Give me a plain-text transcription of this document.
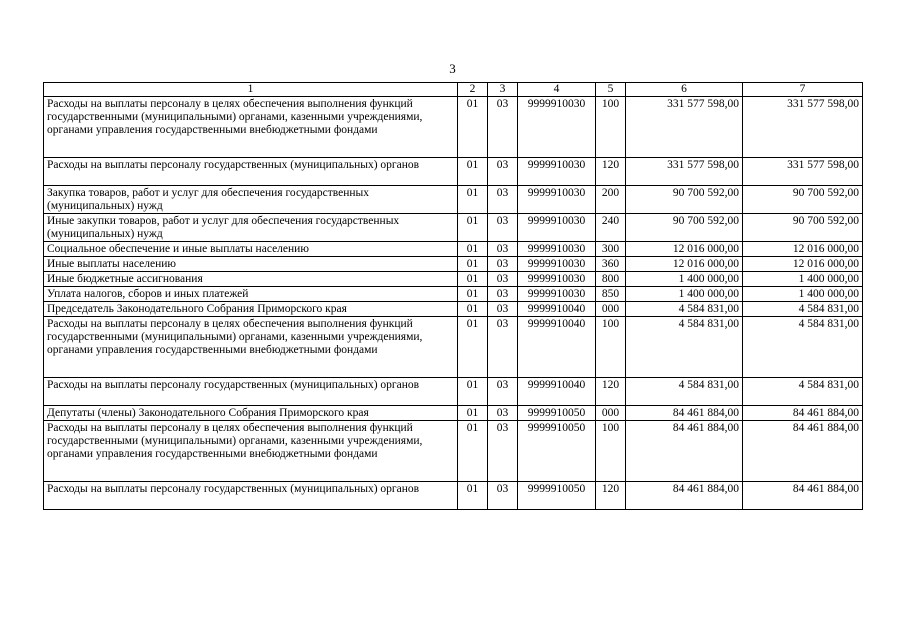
3
1	2	3	4	5	6	7
Расходы на выплаты персоналу в целях обеспечения выполнения функций государственными (муниципальными) органами, казенными учреждениями, органами управления государственными внебюджетными фондами	01	03	9999910030	100	331 577 598,00	331 577 598,00
Расходы на выплаты персоналу государственных (муниципальных) органов	01	03	9999910030	120	331 577 598,00	331 577 598,00
Закупка товаров, работ и услуг для обеспечения государственных (муниципальных) нужд	01	03	9999910030	200	90 700 592,00	90 700 592,00
Иные закупки товаров, работ и услуг для обеспечения государственных (муниципальных) нужд	01	03	9999910030	240	90 700 592,00	90 700 592,00
Социальное обеспечение и иные выплаты населению	01	03	9999910030	300	12 016 000,00	12 016 000,00
Иные выплаты населению	01	03	9999910030	360	12 016 000,00	12 016 000,00
Иные бюджетные ассигнования	01	03	9999910030	800	1 400 000,00	1 400 000,00
Уплата налогов, сборов и иных платежей	01	03	9999910030	850	1 400 000,00	1 400 000,00
Председатель Законодательного Собрания Приморского края	01	03	9999910040	000	4 584 831,00	4 584 831,00
Расходы на выплаты персоналу в целях обеспечения выполнения функций государственными (муниципальными) органами, казенными учреждениями, органами управления государственными внебюджетными фондами	01	03	9999910040	100	4 584 831,00	4 584 831,00
Расходы на выплаты персоналу государственных (муниципальных) органов	01	03	9999910040	120	4 584 831,00	4 584 831,00
Депутаты (члены) Законодательного Собрания Приморского края	01	03	9999910050	000	84 461 884,00	84 461 884,00
Расходы на выплаты персоналу в целях обеспечения выполнения функций государственными (муниципальными) органами, казенными учреждениями, органами управления государственными внебюджетными фондами	01	03	9999910050	100	84 461 884,00	84 461 884,00
Расходы на выплаты персоналу государственных (муниципальных) органов	01	03	9999910050	120	84 461 884,00	84 461 884,00
